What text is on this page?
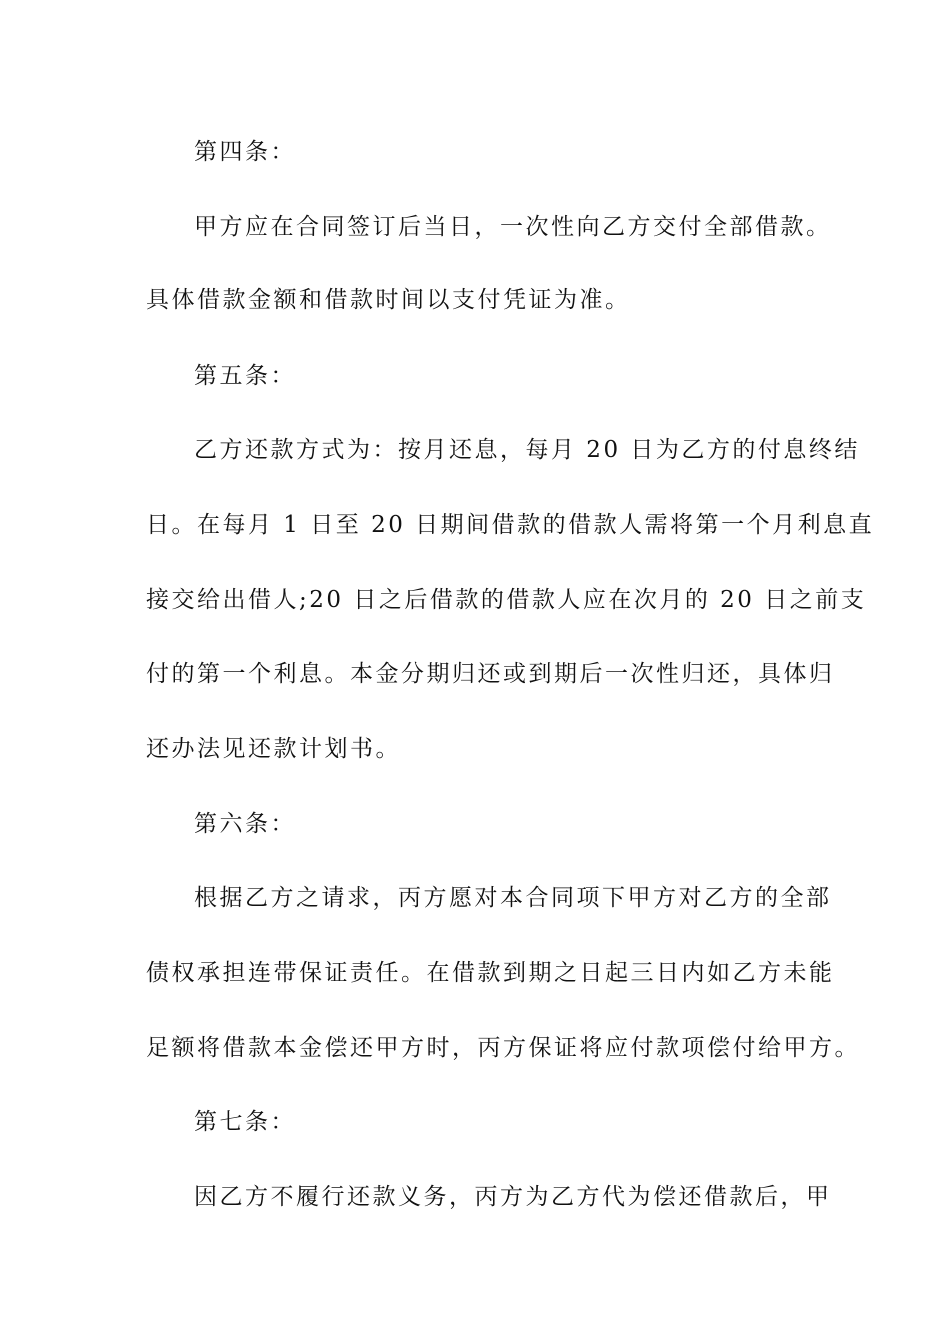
第四条：
甲方应在合同签订后当日，一次性向乙方交付全部借款。
具体借款金额和借款时间以支付凭证为准。
第五条：
乙方还款方式为：按月还息，每月 20 日为乙方的付息终结
日。在每月 1 日至 20 日期间借款的借款人需将第一个月利息直
接交给出借人;20 日之后借款的借款人应在次月的 20 日之前支
付的第一个利息。本金分期归还或到期后一次性归还，具体归
还办法见还款计划书。
第六条：
根据乙方之请求，丙方愿对本合同项下甲方对乙方的全部
债权承担连带保证责任。在借款到期之日起三日内如乙方未能
足额将借款本金偿还甲方时，丙方保证将应付款项偿付给甲方。
第七条：
因乙方不履行还款义务，丙方为乙方代为偿还借款后，甲
